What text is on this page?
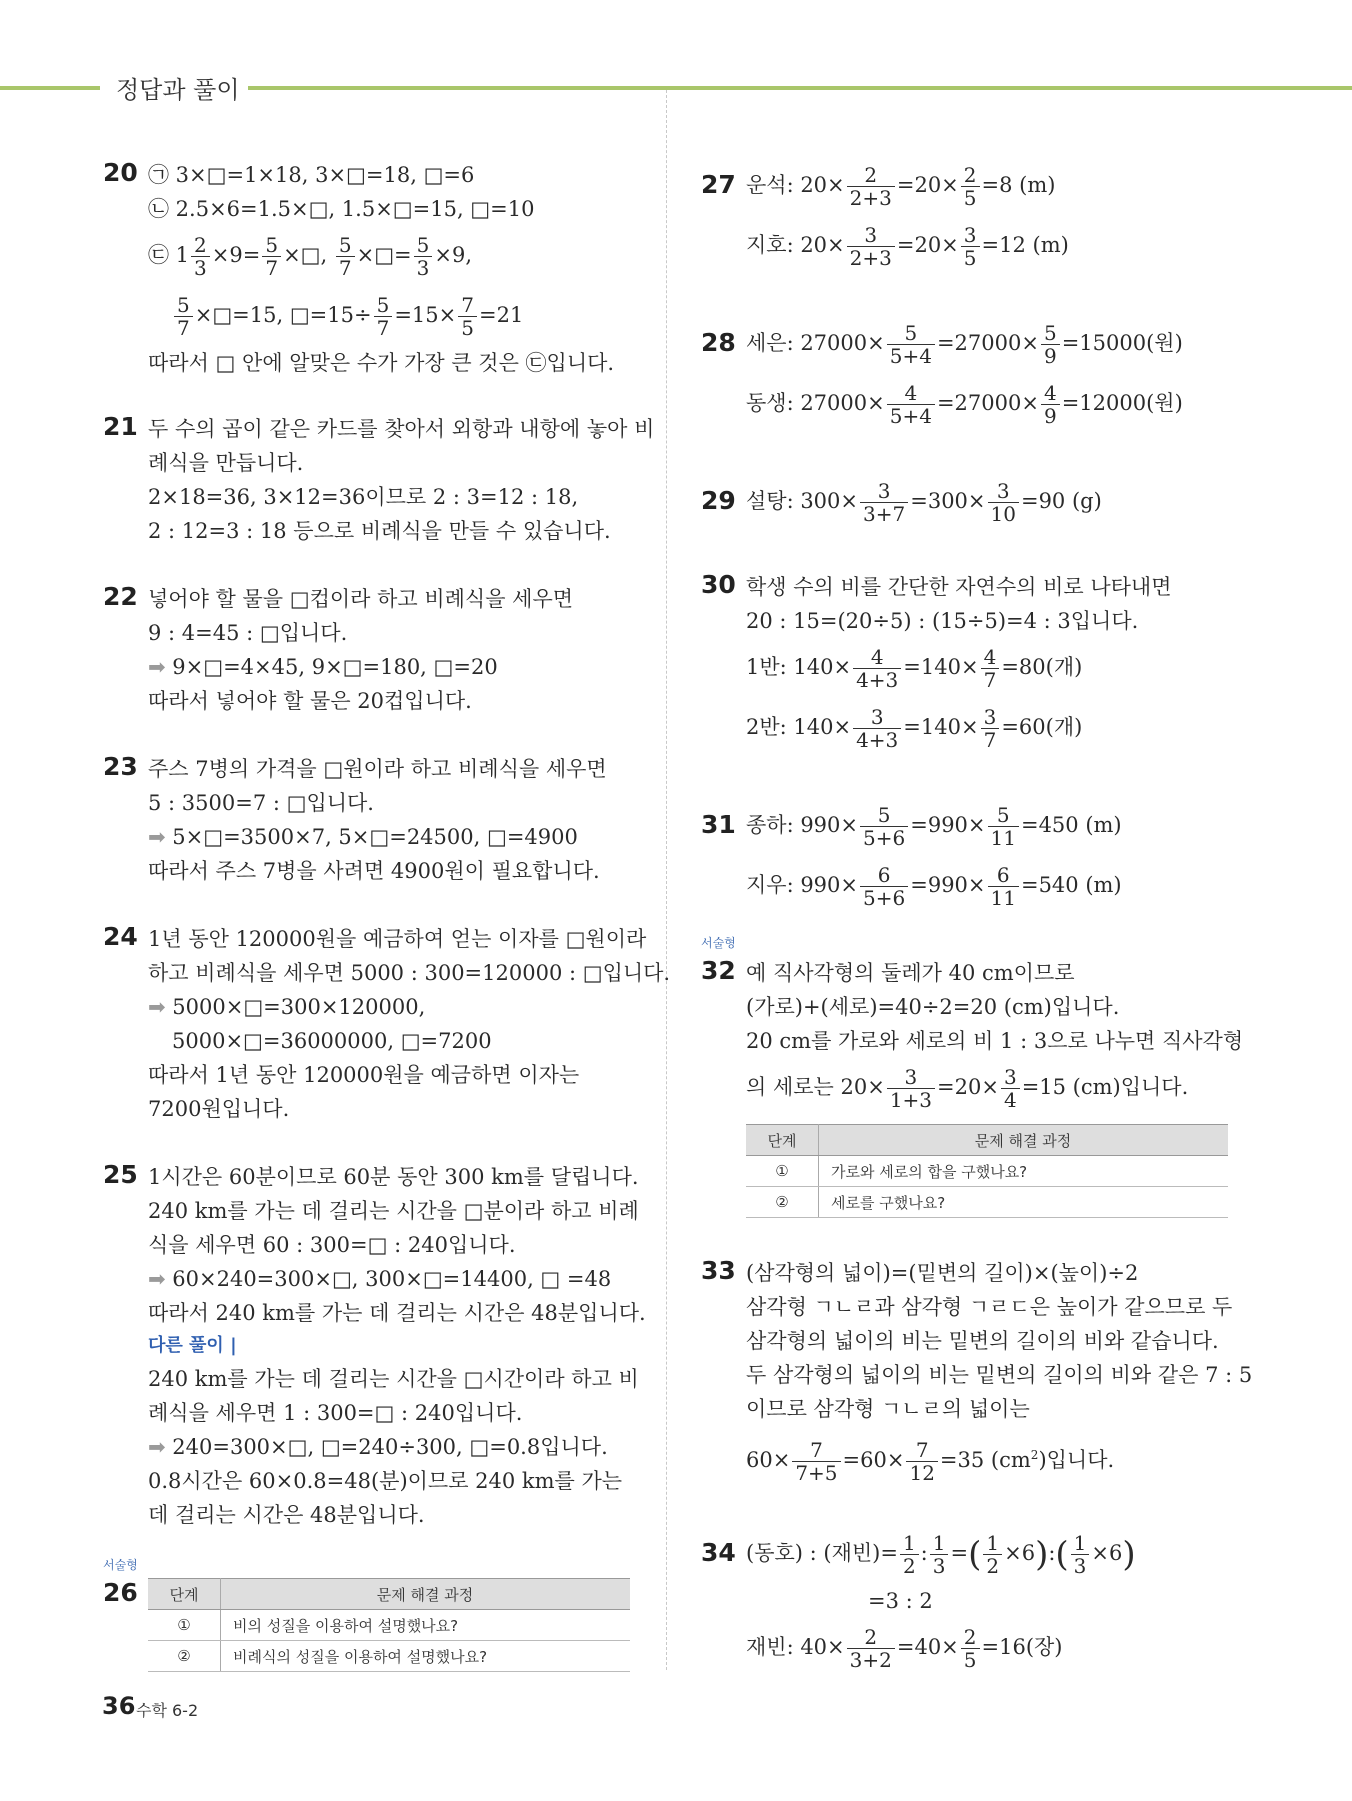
정답과 풀이
20 ㉠ 3×□=1×18, 3×□=18, □=6
㉡ 2.5×6=1.5×□, 1.5×□=15, □=10
㉢ $1 \frac{2}{3} \times 9= \frac{5}{7}$ ×□, $\frac{5}{7}$ ×□= $\frac{5}{3} \times 9$,
$\frac{5}{7}$ ×□=15, □=15÷ $\frac{5}{7} =15\times \frac{7}{5} =21$
따라서 □ 안에 알맞은 수가 가장 큰 것은 ㉢입니다.
21 두 수의 곱이 같은 카드를 찾아서 외항과 내항에 놓아 비
례식을 만듭니다.
2×18=36, 3×12=36이므로 2 : 3=12 : 18,
2 : 12=3 : 18 등으로 비례식을 만들 수 있습니다.
22 넣어야 할 물을 □컵이라 하고 비례식을 세우면
9 : 4=45 : □입니다.
➡ 9×□=4×45, 9×□=180, □=20
따라서 넣어야 할 물은 20컵입니다.
23 주스 7병의 가격을 □원이라 하고 비례식을 세우면
5 : 3500=7 : □입니다.
➡ 5×□=3500×7, 5×□=24500, □=4900
따라서 주스 7병을 사려면 4900원이 필요합니다.
24 1년 동안 120000원을 예금하여 얻는 이자를 □원이라
하고 비례식을 세우면 5000 : 300=120000 : □입니다.
➡ 5000×□=300×120000,
5000×□=36000000, □=7200
따라서 1년 동안 120000원을 예금하면 이자는
7200원입니다.
25 1시간은 60분이므로 60분 동안 300 km를 달립니다.
240 km를 가는 데 걸리는 시간을 □분이라 하고 비례
식을 세우면 60 : 300=□ : 240입니다.
➡ 60×240=300×□, 300×□=14400, □ =48
따라서 240 km를 가는 데 걸리는 시간은 48분입니다.
다른 풀이 |
240 km를 가는 데 걸리는 시간을 □시간이라 하고 비
례식을 세우면 1 : 300=□ : 240입니다.
➡ 240=300×□, □=240÷300, □=0.8입니다.
0.8시간은 60×0.8=48(분)이므로 240 km를 가는
데 걸리는 시간은 48분입니다.
서술형
26 단계	문제 해결 과정
①	비의 성질을 이용하여 설명했나요?
②	비례식의 성질을 이용하여 설명했나요?
27 운석: $20\times \frac{2}{2+3} =20\times \frac{2}{5} =8$ (m)
지호: $20\times \frac{3}{2+3} =20\times \frac{3}{5} =12$ (m)
28 세은: $27000\times \frac{5}{5+4} =27000\times \frac{5}{9} =15000$(원)
동생: $27000\times \frac{4}{5+4} =27000\times \frac{4}{9} =12000$(원)
29 설탕: $300\times \frac{3}{3+7} =300\times \frac{3}{10} =90$ (g)
30 학생 수의 비를 간단한 자연수의 비로 나타내면
20 : 15=(20÷5) : (15÷5)=4 : 3입니다.
1반: $140\times \frac{4}{4+3} =140\times \frac{4}{7} =80$(개)
2반: $140\times \frac{3}{4+3} =140\times \frac{3}{7} =60$(개)
31 종하: $990\times \frac{5}{5+6} =990\times \frac{5}{11} =450$ (m)
지우: $990\times \frac{6}{5+6} =990\times \frac{6}{11} =540$ (m)
서술형
32 예 직사각형의 둘레가 40 cm이므로
(가로)+(세로)=40÷2=20 (cm)입니다.
20 cm를 가로와 세로의 비 1 : 3으로 나누면 직사각형
의 세로는 $20\times \frac{3}{1+3} =20\times \frac{3}{4} =15$ (cm)입니다.
단계	문제 해결 과정
①	가로와 세로의 합을 구했나요?
②	세로를 구했나요?
33 (삼각형의 넓이)=(밑변의 길이)×(높이)÷2
삼각형 ㄱㄴㄹ과 삼각형 ㄱㄹㄷ은 높이가 같으므로 두
삼각형의 넓이의 비는 밑변의 길이의 비와 같습니다.
두 삼각형의 넓이의 비는 밑변의 길이의 비와 같은 7 : 5
이므로 삼각형 ㄱㄴㄹ의 넓이는
$60\times \frac{7}{7+5} =60\times \frac{7}{12} =35$ $(cm^2)$입니다.
34 (동호) : (재빈)= $\frac{1}{2}$ : $\frac{1}{3}$ =( $\frac{1}{2}$ ×6):( $\frac{1}{3} \times 6$)
=3 : 2
재빈: $40\times \frac{2}{3+2} =40\times \frac{2}{5} =16$(장)
36 수학 6-2
